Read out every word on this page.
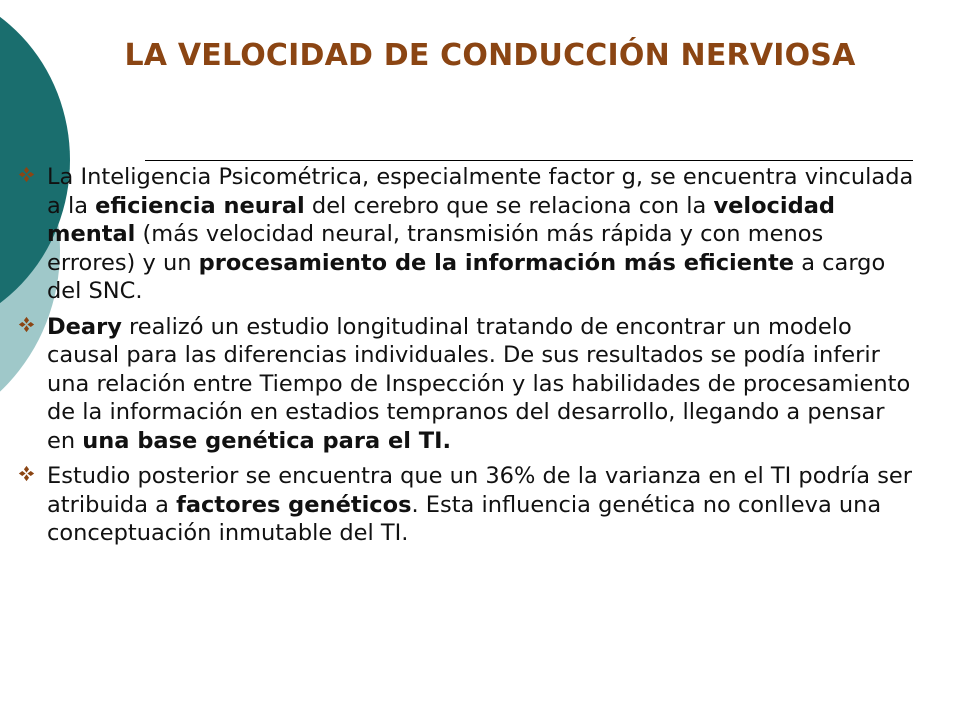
LA VELOCIDAD DE CONDUCCIÓN NERVIOSA
La Inteligencia Psicométrica, especialmente factor g, se encuentra vinculada a la eficiencia neural del cerebro que se relaciona con la velocidad mental (más velocidad neural, transmisión más rápida y con menos errores) y un procesamiento de la información más eficiente a cargo del SNC.
Deary realizó un estudio longitudinal tratando de encontrar un modelo causal para las diferencias individuales. De sus resultados se podía inferir una relación entre Tiempo de Inspección y las habilidades de procesamiento de la información en estadios tempranos del desarrollo, llegando a pensar en una base genética para el TI.
Estudio posterior se encuentra que un 36% de la varianza en el TI podría ser atribuida a factores genéticos. Esta influencia genética no conlleva una conceptuación inmutable del TI.
